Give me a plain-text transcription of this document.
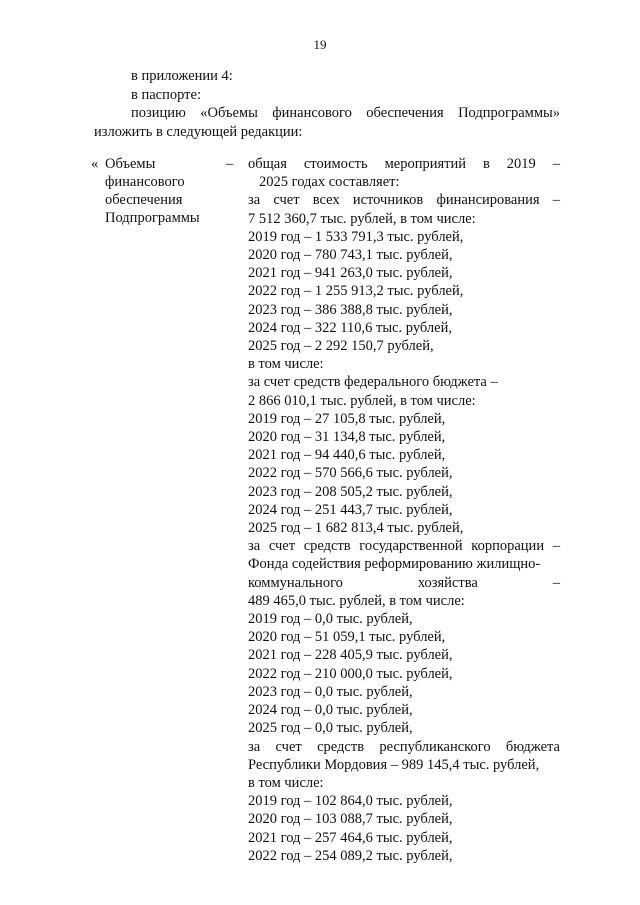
19
в приложении 4:
в паспорте:
позицию «Объемы финансового обеспечения Подпрограммы»
изложить в следующей редакции:
« Объемы
финансового
обеспечения
Подпрограммы
– общая стоимость мероприятий в 2019 –
2025 годах составляет:
за счет всех источников финансирования –
7 512 360,7 тыс. рублей, в том числе:
2019 год – 1 533 791,3 тыс. рублей,
2020 год – 780 743,1 тыс. рублей,
2021 год – 941 263,0 тыс. рублей,
2022 год – 1 255 913,2 тыс. рублей,
2023 год – 386 388,8 тыс. рублей,
2024 год – 322 110,6 тыс. рублей,
2025 год – 2 292 150,7 рублей,
в том числе:
за счет средств федерального бюджета –
2 866 010,1 тыс. рублей, в том числе:
2019 год – 27 105,8 тыс. рублей,
2020 год – 31 134,8 тыс. рублей,
2021 год – 94 440,6 тыс. рублей,
2022 год – 570 566,6 тыс. рублей,
2023 год – 208 505,2 тыс. рублей,
2024 год – 251 443,7 тыс. рублей,
2025 год – 1 682 813,4 тыс. рублей,
за счет средств государственной корпорации –
Фонда содействия реформированию жилищно-
коммунального хозяйства –
489 465,0 тыс. рублей, в том числе:
2019 год – 0,0 тыс. рублей,
2020 год – 51 059,1 тыс. рублей,
2021 год – 228 405,9 тыс. рублей,
2022 год – 210 000,0 тыс. рублей,
2023 год – 0,0 тыс. рублей,
2024 год – 0,0 тыс. рублей,
2025 год – 0,0 тыс. рублей,
за счет средств республиканского бюджета
Республики Мордовия – 989 145,4 тыс. рублей,
в том числе:
2019 год – 102 864,0 тыс. рублей,
2020 год – 103 088,7 тыс. рублей,
2021 год – 257 464,6 тыс. рублей,
2022 год – 254 089,2 тыс. рублей,
